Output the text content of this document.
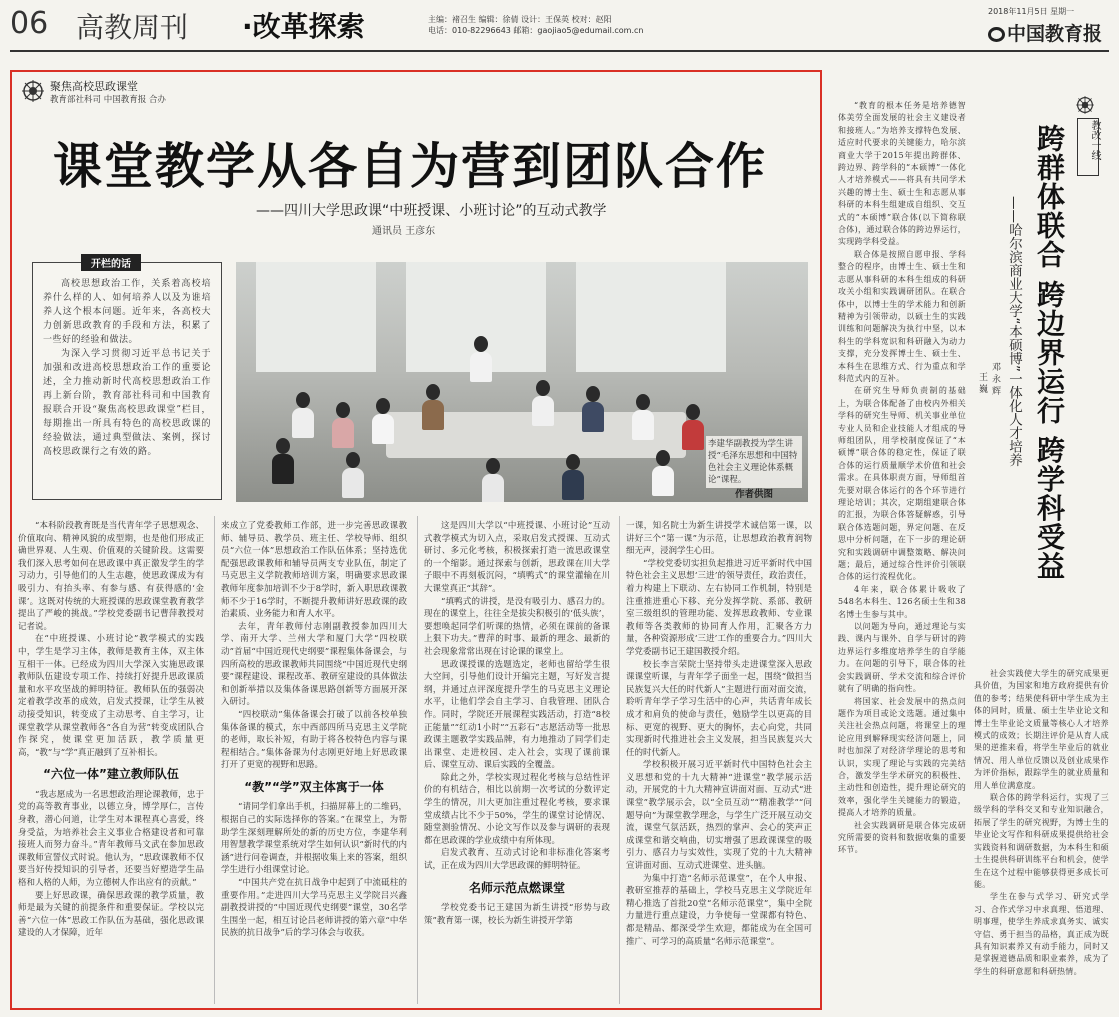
06 高教周刊 ·改革探索	主编：褚召生 编辑：徐倩 设计：王保英 校对：赵阳
电话：010-82296643 邮箱：gaojiao5@edumail.com.cn
2018年11月5日 星期一
中国教育报
聚焦高校思政课堂
教育部社科司 中国教育报 合办
课堂教学从各自为营到团队合作
——四川大学思政课“中班授课、小班讨论”的互动式教学
通讯员 王彦东
开栏的话

高校思想政治工作，关系着高校培养什么样的人、如何培养人以及为谁培养人这个根本问题。近年来，各高校大力创新思政教育的手段和方法，积累了一些好的经验和做法。

为深入学习贯彻习近平总书记关于加强和改进高校思想政治工作的重要论述，全力推动新时代高校思想政治工作再上新台阶，教育部社科司和中国教育报联合开设“聚焦高校思政课堂”栏目，每期推出一所具有特色的高校思政课的经验做法，通过典型做法、案例，探讨高校思政课行之有效的路。

李建华副教授为学生讲授“毛泽东思想和中国特色社会主义理论体系概论”课程。
作者供图

“本科阶段教育既是当代青年学子思想观念、价值取向、精神风貌的成型期，也是他们形成正确世界观、人生观、价值观的关键阶段。这需要我们深入思考如何在思政课中真正激发学生的学习动力，引导他们的人生志趣，使思政课成为有吸引力、有抬头率、有参与感、有获得感的‘金课’。这既对传统的大班授课的思政课堂教育教学提出了严峻的挑战。”学校党委副书记曹萍教授对记者说。

在“中班授课、小班讨论”教学模式的实践中，学生是学习主体，教师是教育主体，双主体互相干一体。已经成为四川大学深入实施思政课教师队伍建设专项工作、持续打好提升思政课质量和水平攻坚战的鲜明特征。教师队伍的强弱决定着教学改革的成效，启发式授课，让学生从被动接受知识，转变成了主动思考、自主学习，让课堂教学从课堂教师各“各自为营”转变成团队合作探究，使课堂更加活跃，教学质量更高，“教”与“学”真正融到了互补相长。

“六位一体”建立教师队伍

“我志愿成为一名思想政治理论课教师，忠于党的高等教育事业，以德立身，博学厚仁，言传身教，潜心问道，让学生对本课程真心喜爱，终身受益，为培养社会主义事业合格建设者和可靠接班人而努力奋斗。”青年教师马文武在参加思政课教师宣誓仪式时说。他认为，“思政课教师不仅要当好传授知识的引导者，还要当好塑造学生品格和人格的人师，为立德树人作出应有的贡献。”

要上好思政课，确保思政课的教学质量，教师是最为关键的前提条件和重要保证。学校以完善“六位一体”思政工作队伍为基础，强化思政课建设的人才保障，近年

来成立了党委教师工作部，进一步完善思政课教师、辅导员、教学员、班主任、学校导师、组织员“六位一体”思想政治工作队伍体系；坚持选优配强思政课教师和辅导员两支专业队伍，制定了马克思主义学院教师培训方案，明确要求思政课教师年度参加培训不少于8学时，新入职思政课教师不少于16学时，不断提升教师讲好思政课的政治素质、业务能力和育人水平。

去年，青年教师付志刚副教授参加四川大学、南开大学、兰州大学和厦门大学“四校联动”首届“中国近现代史纲要”课程集体备课会，与四所高校的思政课教师共同围绕“中国近现代史纲要”课程建设、课程改革、教研室建设的具体做法和创新举措以及集体备课思路创新等方面展开深入研讨。

“四校联动”集体备课会打破了以前各校单独集体备课的模式，东中西部四所马克思主义学院的老师，取长补短，有助于将各校特色内容与课程相结合。”集体备课为付志刚更好地上好思政课打开了更宽的视野和思路。

“教”“学”双主体寓于一体

“请同学们拿出手机，扫描屏幕上的二维码，根据自己的实际选择你的答案。”在课堂上，为帮助学生深刻理解所处的新的历史方位，李建华利用智慧教学课堂系统对学生如何认识“新时代的内涵”进行问卷调查，并根据收集上来的答案，组织学生进行小组课堂讨论。

“中国共产党在抗日战争中起到了中流砥柱的重要作用。”走进四川大学马克思主义学院吕兴鑫副教授讲授的“中国近现代史纲要”课堂，30名学生围坐一起，相互讨论吕老师讲授的第六章“中华民族的抗日战争”后的学习体会与收获。

这是四川大学以“中班授课、小班讨论”互动式教学模式为切入点，采取启发式授课、互动式研讨、多元化考核，积极探索打造一流思政课堂的一个缩影。通过探索与创新，思政课在川大学子眼中不再刻板沉闷，“填鸭式”的课堂灌输在川大课堂真正“其辞”。

“填鸭式的讲授，是没有吸引力、感召力的。现在的课堂上，往往全是拔尖积极引的‘低头族’，要想唤起同学们听课的热情，必须在课前的备课上狠下功夫。”曹萍的时事、最新的理念、最新的社会现象常常出现在讨论课的课堂上。

思政课授课的选题选定，老师也留给学生很大空间，引导他们设计开编完主题，写好发言提纲，并通过点评深度提升学生的马克思主义理论水平，让他们学会自主学习、自我管理、团队合作。同时，学院还开展课程实践活动，打造“8校正能量”“红动1小时”“五彩石”志愿活动等一批思政课主题教学实践品牌，有力地推动了同学们走出课堂、走进校园、走入社会，实现了课前课后、课堂互动、课后实践的全覆盖。

除此之外，学校实现过程化考核与总结性评价的有机结合，相比以前期一次考试的分数评定学生的情况，川大更加注重过程化考核，要求课堂成绩占比不少于50%，学生的课堂讨论情况、随堂测验情况、小论文写作以及参与调研的表现都在思政课的学业成绩中有所体现。

启发式教育、互动式讨论和非标准化答案考试，正在成为四川大学思政课的鲜明特征。

名师示范点燃课堂

学校党委书记王建国为新生讲授“形势与政策”教育第一课，校长为新生讲授开学第

一课，知名院士为新生讲授学术诚信第一课，以讲好三个“第一课”为示范，让思想政治教育润物细无声，浸润学生心田。

“学校党委切实担负起推进习近平新时代中国特色社会主义思想‘三进’的领导责任，政治责任，着力构建上下联动、左右协同工作机制，特别是注重推进重心下移、充分发挥学院、系部、教研室三级组织的管理功能、发挥思政教师、专业课教师等各类教师的协同育人作用，汇聚各方力量，各种资源形成‘三进’工作的重要合力。”四川大学党委副书记王建国教授介绍。

校长李言荣院士坚持带头走进课堂深入思政课课堂听课，与青年学子面坐一起，围绕“做担当民族复兴大任的时代新人”主题进行面对面交流，聆听青年学子学习生活中的心声，共话青年成长成才和肩负的使命与责任，勉励学生以更高的目标、更宽的视野、更大的胸怀，去心向党，共同实现新时代推进社会主义发展，担当民族复兴大任的时代新人。

学校积极开展习近平新时代中国特色社会主义思想和党的十九大精神“进课堂”教学展示活动，开展党的十九大精神宣讲面对面、互动式“进课堂”教学展示会，以“全员互动”“精准教学”“问题导向”为课堂教学理念，与学生广泛开展互动交流，课堂气氛活跃，热烈的掌声、会心的笑声正成课堂和谐交响曲，切实增强了思政课课堂的吸引力、感召力与实效性，实现了党的十九大精神宣讲面对面、互动式进课堂、进头脑。

为集中打造“名师示范课堂”，在个人申报、教研室推荐的基础上，学校马克思主义学院近年精心推选了首批20堂“名师示范课堂”，集中全院力量进行重点建设，力争使每一堂课都有特色、都是精品、都深受学生欢迎，都能成为在全国可推广、可学习的高质量“名师示范课堂”。

“教育的根本任务是培养德智体美劳全面发展的社会主义建设者和接班人。”为培养支撑特色发展、适应时代要求的关键能力，哈尔滨商业大学于2015年提出跨群体、跨边界、跨学科的“本硕博”一体化人才培养模式——将具有共同学术兴趣的博士生、硕士生和志愿从事科研的本科生组建成自组织、交互式的“本硕博”联合体(以下简称联合体)，通过联合体的跨边界运行，实现跨学科受益。

联合体是按照自愿申报、学科整合的程序，由博士生、硕士生和志愿从事科研的本科生组成的科研攻关小组和实践调研团队。在联合体中，以博士生的学术能力和创新精神为引领带动，以硕士生的实践训练和问题解决为执行中坚，以本科生的学科宽识和科研融入为动力支撑，充分发挥博士生、硕士生、本科生在思维方式、行为重点和学科范式内的互补。

在研究生导师负责制的基础上，为联合体配备了由校内外相关学科的研究生导师、机关事业单位专业人员和企业技能人才组成的导师组团队，用学校制度保证了“本硕博”联合体的稳定性，保证了联合体的运行质量顺学术价值和社会需求。在具体职责方面，导师组首先要对联合体运行的各个环节进行理论培训；其次，定期组建联合体的汇报，为联合体答疑解惑，引导联合体选题问题，界定问题、在反思中分析问题，在下一步的理论研究和实践调研中调整策略、解决问题；最后，通过综合性评价引领联合体的运行流程优化。

4年来，联合体累计吸收了548名本科生、126名硕士生和38名博士生参与其中。

以问题为导向，通过理论与实践、课内与课外、自学与研讨的跨边界运行多维度培养学生的自学能力。在问题的引导下，联合体的社会实践调研、学术交流和综合评价就有了明确的指向性。

将国家、社会发展中的热点问题作为项目或论文选题。通过集中关注社会热点问题，将课堂上的理论应用到解释现实经济问题上，同时也加深了对经济学理论的思考和认识，实现了理论与实践的完美结合，激发学生学术研究的积极性、主动性和创造性，提升理论研究的效率，强化学生关键能力的锻造，提高人才培养的质量。

社会实践调研是联合体完成研究所需要的资料和数据收集的重要环节。

教改一线
跨群体联合 跨边界运行 跨学科受益
——哈尔滨商业大学“本硕博”一体化人才培养
邓永辉
王巍

社会实践使大学生的研究成果更具价值，为国家和地方政府提供有价值的参考；结果使科研中学生成为主体的同时，质量、硕士生毕业论文和博士生毕业论文质量等核心人才培养模式的成效；长期注评价是从育人成果的逆推来看，将学生毕业后的就业情况、用人单位反馈以及创业成果作为评价指标，跟踪学生的就业质量和用人单位满意度。

联合体的跨学科运行，实现了三级学科的学科交叉和专业知识融合，拓展了学生的研究视野，为博士生的毕业论文写作和科研成果提供给社会实践资料和调研数据，为本科生和硕士生提供科研训练平台和机会，使学生在这个过程中能够获得更多成长可能。

学生在参与式学习、研究式学习、合作式学习中求真理、悟道理、明事理，使学生养成求真务实、诚实守信、勇于担当的品格，真正成为既具有知识素养又有动手能力，同时又是掌握道德品质和职业素养，成为了学生的科研意愿和科研热情。
